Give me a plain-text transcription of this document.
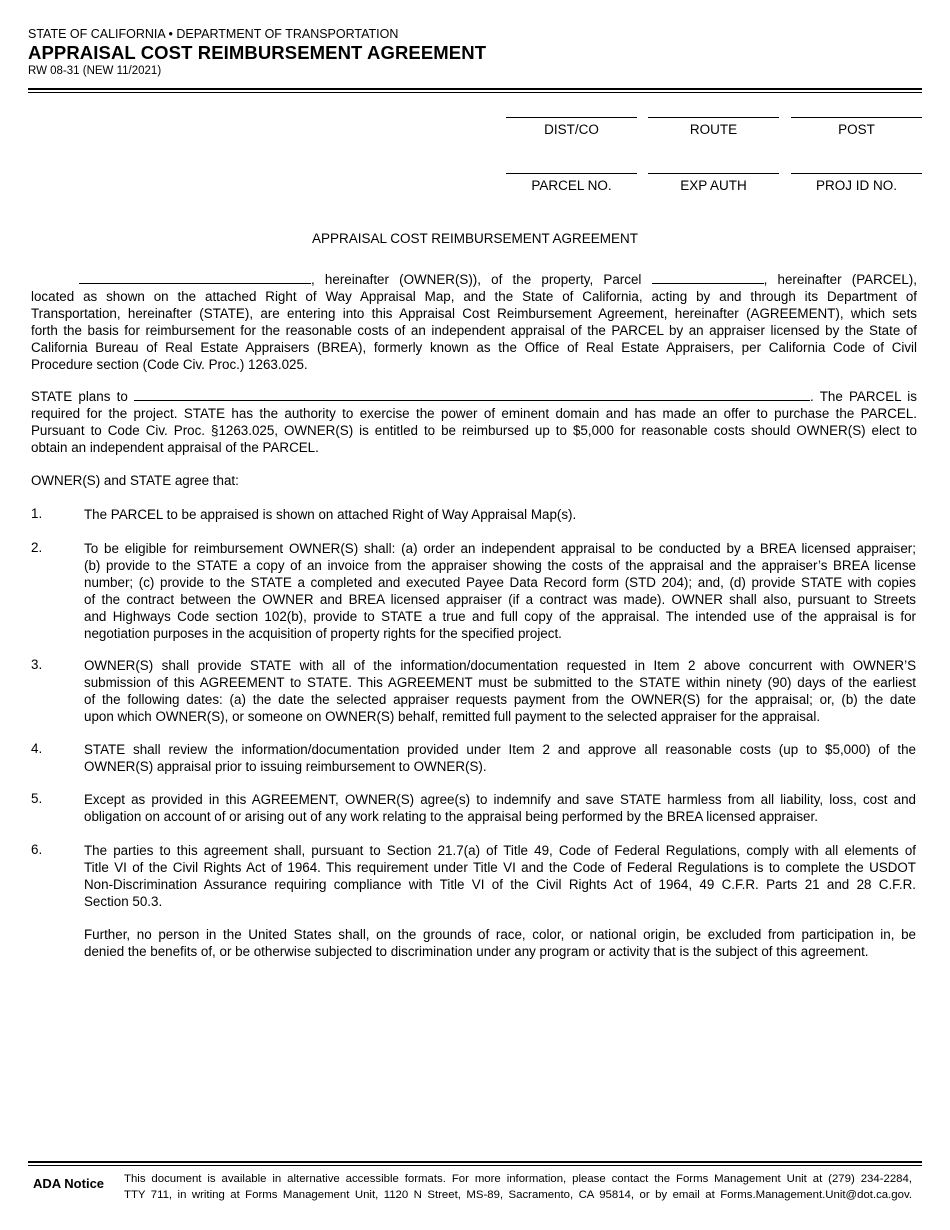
STATE OF CALIFORNIA • DEPARTMENT OF TRANSPORTATION
APPRAISAL COST REIMBURSEMENT AGREEMENT
RW 08-31 (NEW 11/2021)
DIST/CO	ROUTE	POST
PARCEL NO.	EXP AUTH	PROJ ID NO.
APPRAISAL COST REIMBURSEMENT AGREEMENT

, hereinafter (OWNER(S)), of the property, Parcel	, hereinafter (PARCEL),

located as shown on the attached Right of Way Appraisal Map, and the State of California, acting by and through its Department of

Transportation, hereinafter (STATE), are entering into this Appraisal Cost Reimbursement Agreement, hereinafter (AGREEMENT), which sets

forth the basis for reimbursement for the reasonable costs of an independent appraisal of the PARCEL by an appraiser licensed by the State of

California Bureau of Real Estate Appraisers (BREA), formerly known as the Office of Real Estate Appraisers, per California Code of Civil

Procedure section (Code Civ. Proc.) 1263.025.

STATE plans to	. The PARCEL is

required for the project. STATE has the authority to exercise the power of eminent domain and has made an offer to purchase the PARCEL.

Pursuant to Code Civ. Proc. §1263.025, OWNER(S) is entitled to be reimbursed up to $5,000 for reasonable costs should OWNER(S) elect to

obtain an independent appraisal of the PARCEL.

OWNER(S) and STATE agree that:

1.	The PARCEL to be appraised is shown on attached Right of Way Appraisal Map(s).

2.	To be eligible for reimbursement OWNER(S) shall: (a) order an independent appraisal to be conducted by a BREA licensed appraiser;

(b) provide to the STATE a copy of an invoice from the appraiser showing the costs of the appraisal and the appraiser’s BREA license

number; (c) provide to the STATE a completed and executed Payee Data Record form (STD 204); and, (d) provide STATE with copies

of the contract between the OWNER and BREA licensed appraiser (if a contract was made). OWNER shall also, pursuant to Streets

and Highways Code section 102(b), provide to STATE a true and full copy of the appraisal. The intended use of the appraisal is for

negotiation purposes in the acquisition of property rights for the specified project.

3.	OWNER(S) shall provide STATE with all of the information/documentation requested in Item 2 above concurrent with OWNER’S

submission of this AGREEMENT to STATE. This AGREEMENT must be submitted to the STATE within ninety (90) days of the earliest

of the following dates: (a) the date the selected appraiser requests payment from the OWNER(S) for the appraisal; or, (b) the date

upon which OWNER(S), or someone on OWNER(S) behalf, remitted full payment to the selected appraiser for the appraisal.

4.	STATE shall review the information/documentation provided under Item 2 and approve all reasonable costs (up to $5,000) of the

OWNER(S) appraisal prior to issuing reimbursement to OWNER(S).

5.	Except as provided in this AGREEMENT, OWNER(S) agree(s) to indemnify and save STATE harmless from all liability, loss, cost and

obligation on account of or arising out of any work relating to the appraisal being performed by the BREA licensed appraiser.

6.	The parties to this agreement shall, pursuant to Section 21.7(a) of Title 49, Code of Federal Regulations, comply with all elements of

Title VI of the Civil Rights Act of 1964. This requirement under Title VI and the Code of Federal Regulations is to complete the USDOT

Non-Discrimination Assurance requiring compliance with Title VI of the Civil Rights Act of 1964, 49 C.F.R. Parts 21 and 28 C.F.R.

Section 50.3.

Further, no person in the United States shall, on the grounds of race, color, or national origin, be excluded from participation in, be

denied the benefits of, or be otherwise subjected to discrimination under any program or activity that is the subject of this agreement.

ADA Notice This document is available in alternative accessible formats. For more information, please contact the Forms Management Unit at (279) 234-2284,
TTY 711, in writing at Forms Management Unit, 1120 N Street, MS-89, Sacramento, CA 95814, or by email at Forms.Management.Unit@dot.ca.gov.
